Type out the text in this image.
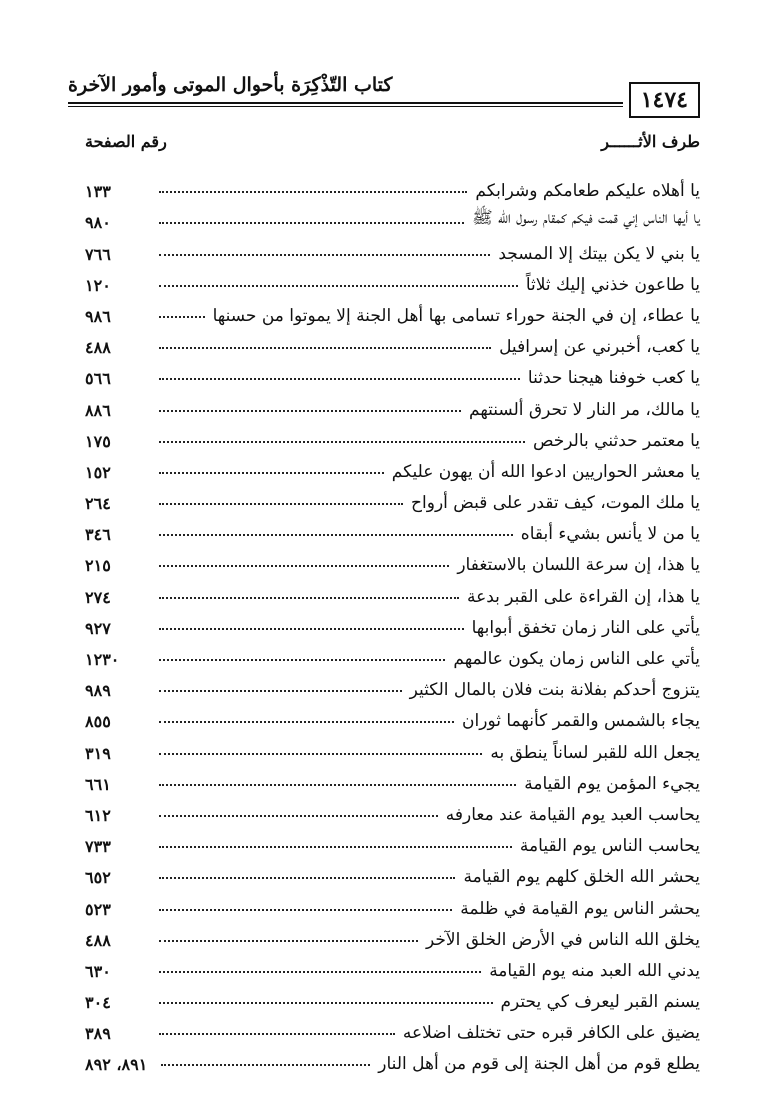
كتاب التّذْكِرَة بأحوال الموتى وأمور الآخرة
١٤٧٤
طرف الأثــــــر
رقم الصفحة
يا أهلاه عليكم طعامكم وشرابكم
١٣٣
يا أيها الناس إني قمت فيكم كمقام رسول الله ﷺ
٩٨٠
يا بني لا يكن بيتك إلا المسجد
٧٦٦
يا طاعون خذني إليك ثلاثاً
١٢٠
يا عطاء، إن في الجنة حوراء تسامى بها أهل الجنة إلا يموتوا من حسنها
٩٨٦
يا كعب، أخبرني عن إسرافيل
٤٨٨
يا كعب خوفنا هيجنا حدثنا
٥٦٦
يا مالك، مر النار لا تحرق ألسنتهم
٨٨٦
يا معتمر حدثني بالرخص
١٧٥
يا معشر الحواريين ادعوا الله أن يهون عليكم
١٥٢
يا ملك الموت، كيف تقدر على قبض أرواح
٢٦٤
يا من لا يأنس بشيء أبقاه
٣٤٦
يا هذا، إن سرعة اللسان بالاستغفار
٢١٥
يا هذا، إن القراءة على القبر بدعة
٢٧٤
يأتي على النار زمان تخفق أبوابها
٩٢٧
يأتي على الناس زمان يكون عالمهم
١٢٣٠
يتزوج أحدكم بفلانة بنت فلان بالمال الكثير
٩٨٩
يجاء بالشمس والقمر كأنهما ثوران
٨٥٥
يجعل الله للقبر لساناً ينطق به
٣١٩
يجيء المؤمن يوم القيامة
٦٦١
يحاسب العبد يوم القيامة عند معارفه
٦١٢
يحاسب الناس يوم القيامة
٧٣٣
يحشر الله الخلق كلهم يوم القيامة
٦٥٢
يحشر الناس يوم القيامة في ظلمة
٥٢٣
يخلق الله الناس في الأرض الخلق الآخر
٤٨٨
يدني الله العبد منه يوم القيامة
٦٣٠
يسنم القبر ليعرف كي يحترم
٣٠٤
يضيق على الكافر قبره حتى تختلف اضلاعه
٣٨٩
يطلع قوم من أهل الجنة إلى قوم من أهل النار
٨٩١، ٨٩٢
